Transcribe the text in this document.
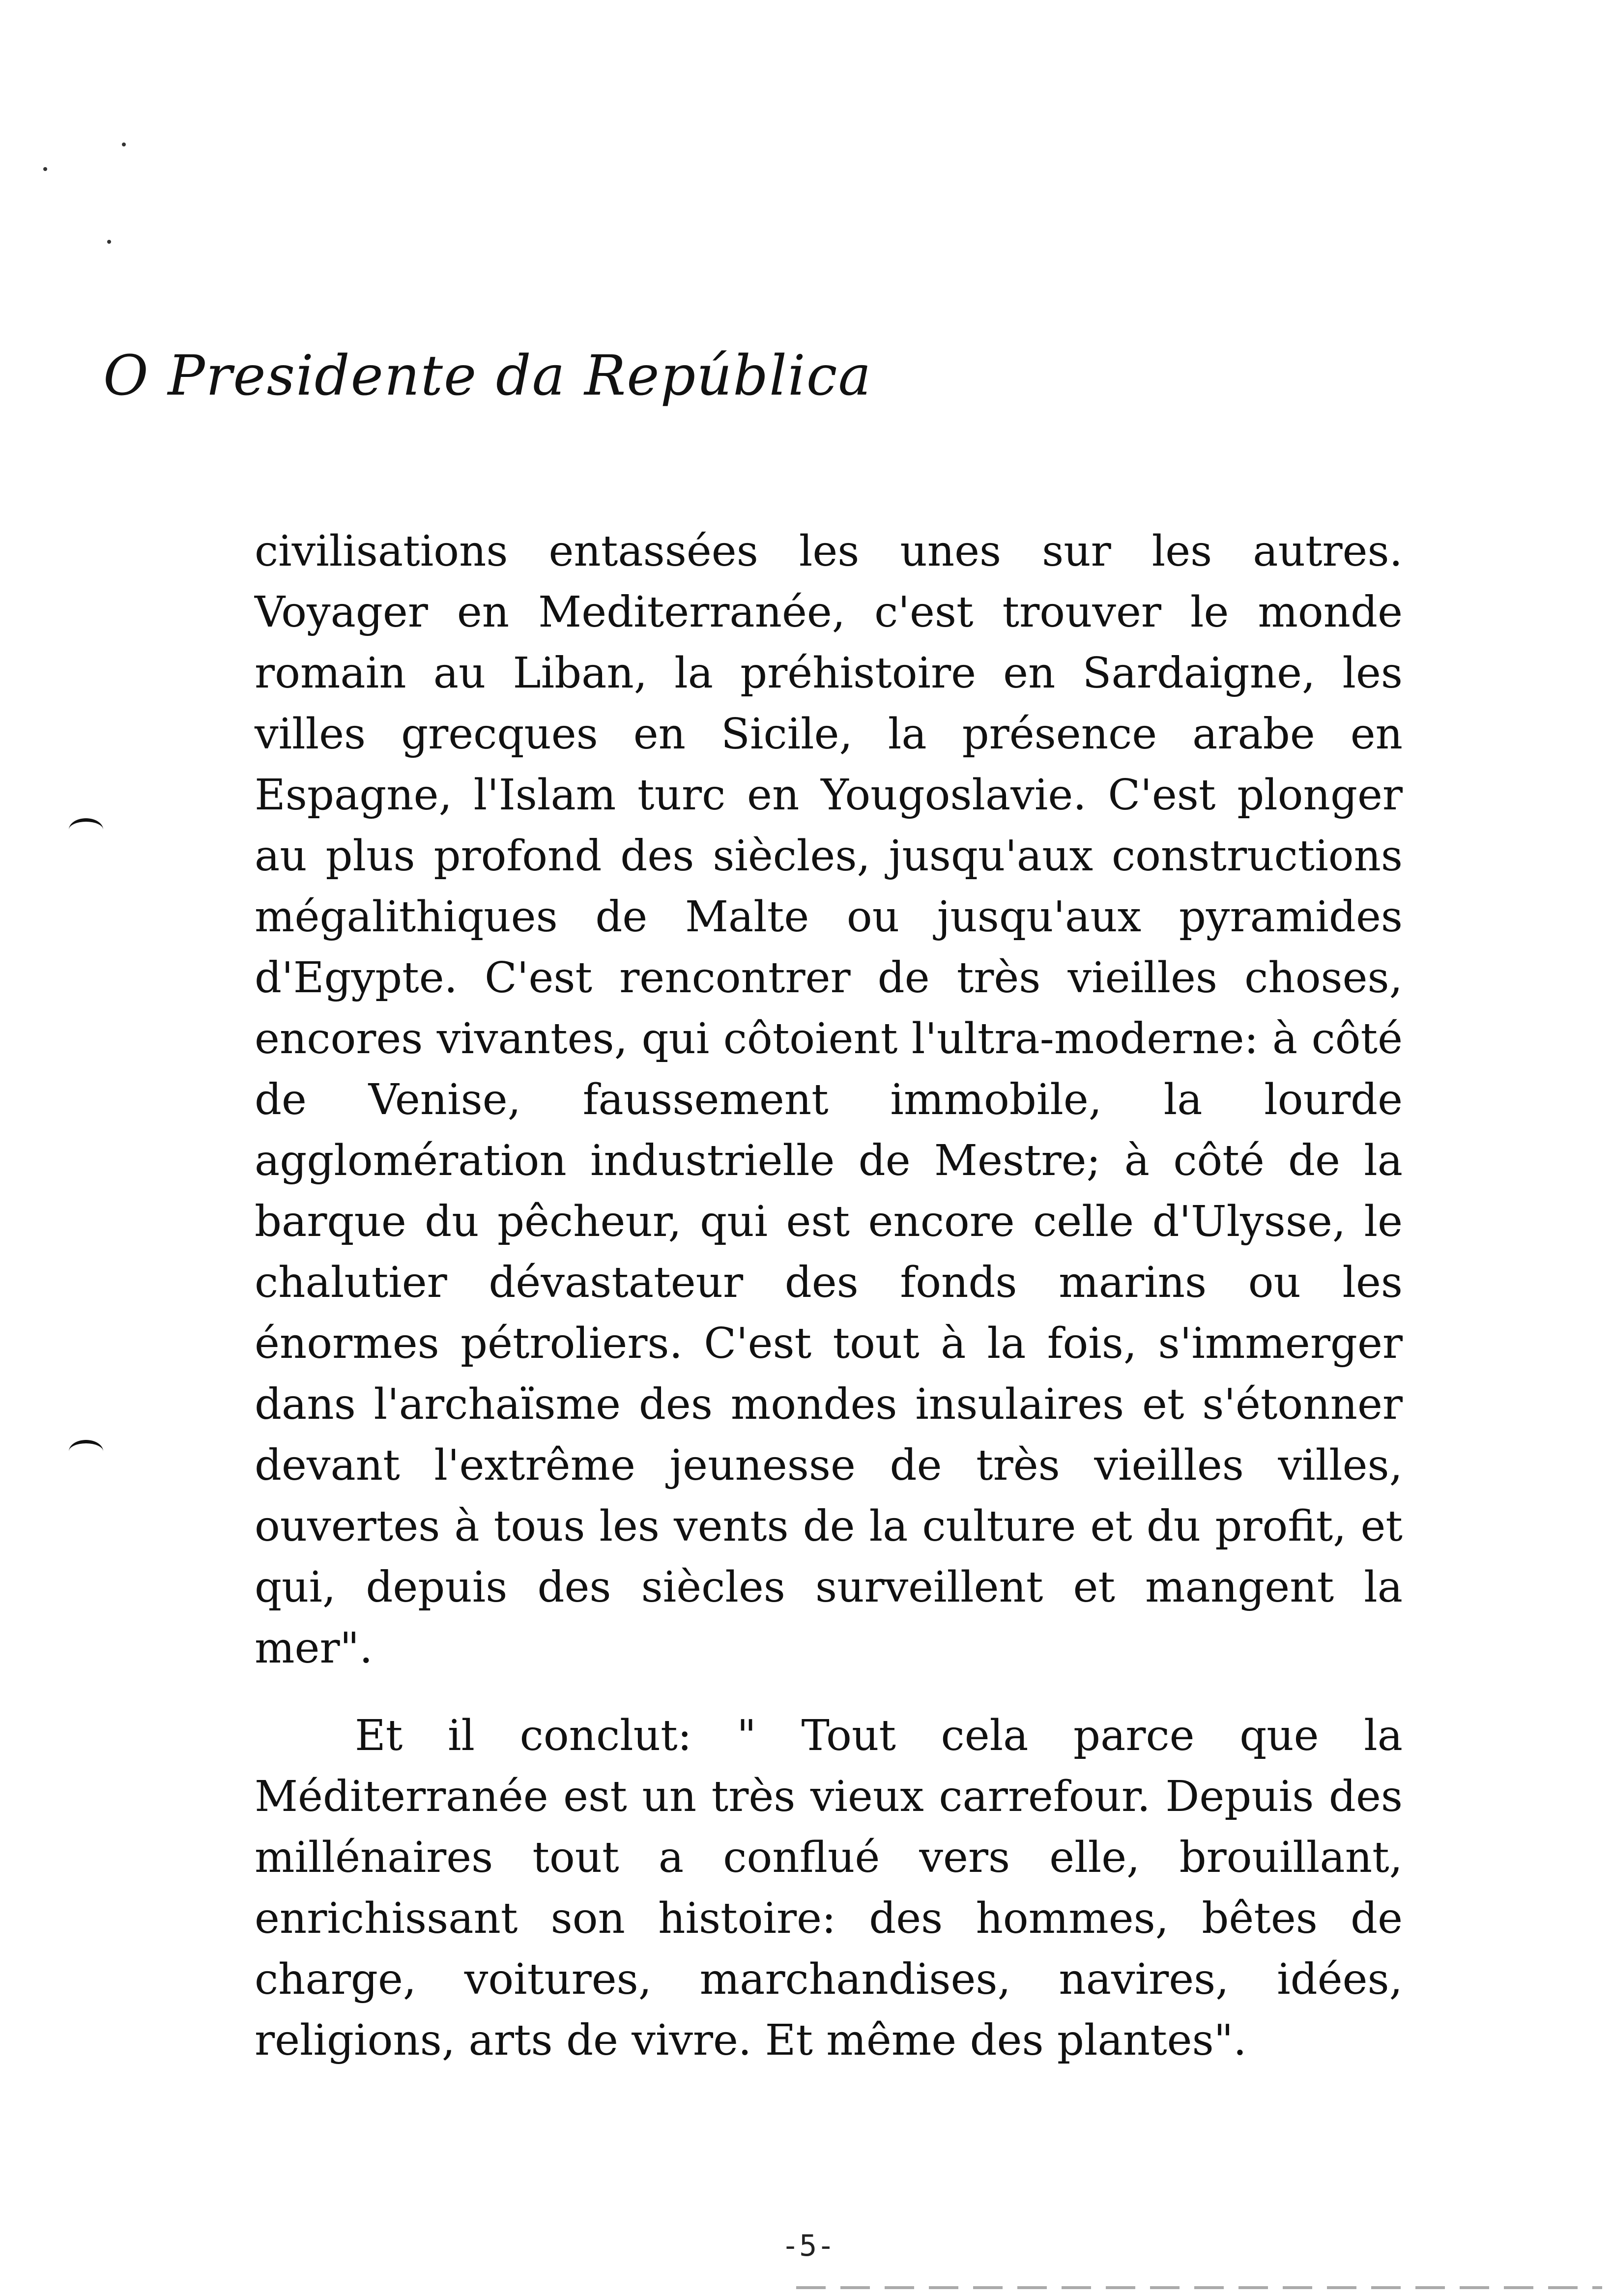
O Presidente da República

civilisations entassées les unes sur les autres. Voyager en Mediterranée, c'est trouver le monde romain au Liban, la préhistoire en Sardaigne, les villes grecques en Sicile, la présence arabe en Espagne, l'Islam turc en Yougoslavie. C'est plonger au plus profond des siècles, jusqu'aux constructions mégalithiques de Malte ou jusqu'aux pyramides d'Egypte. C'est rencontrer de très vieilles choses, encores vivantes, qui côtoient l'ultra-moderne: à côté de Venise, faussement immobile, la lourde agglomération industrielle de Mestre; à côté de la barque du pêcheur, qui est encore celle d'Ulysse, le chalutier dévastateur des fonds marins ou les énormes pétroliers. C'est tout à la fois, s'immerger dans l'archaïsme des mondes insulaires et s'étonner devant l'extrême jeunesse de très vieilles villes, ouvertes à tous les vents de la culture et du profit, et qui, depuis des siècles surveillent et mangent la mer".

Et il conclut: " Tout cela parce que la Méditerranée est un très vieux carrefour. Depuis des millénaires tout a conflué vers elle, brouillant, enrichissant son histoire: des hommes, bêtes de charge, voitures, marchandises, navires, idées, religions, arts de vivre. Et même des plantes".

-5-
